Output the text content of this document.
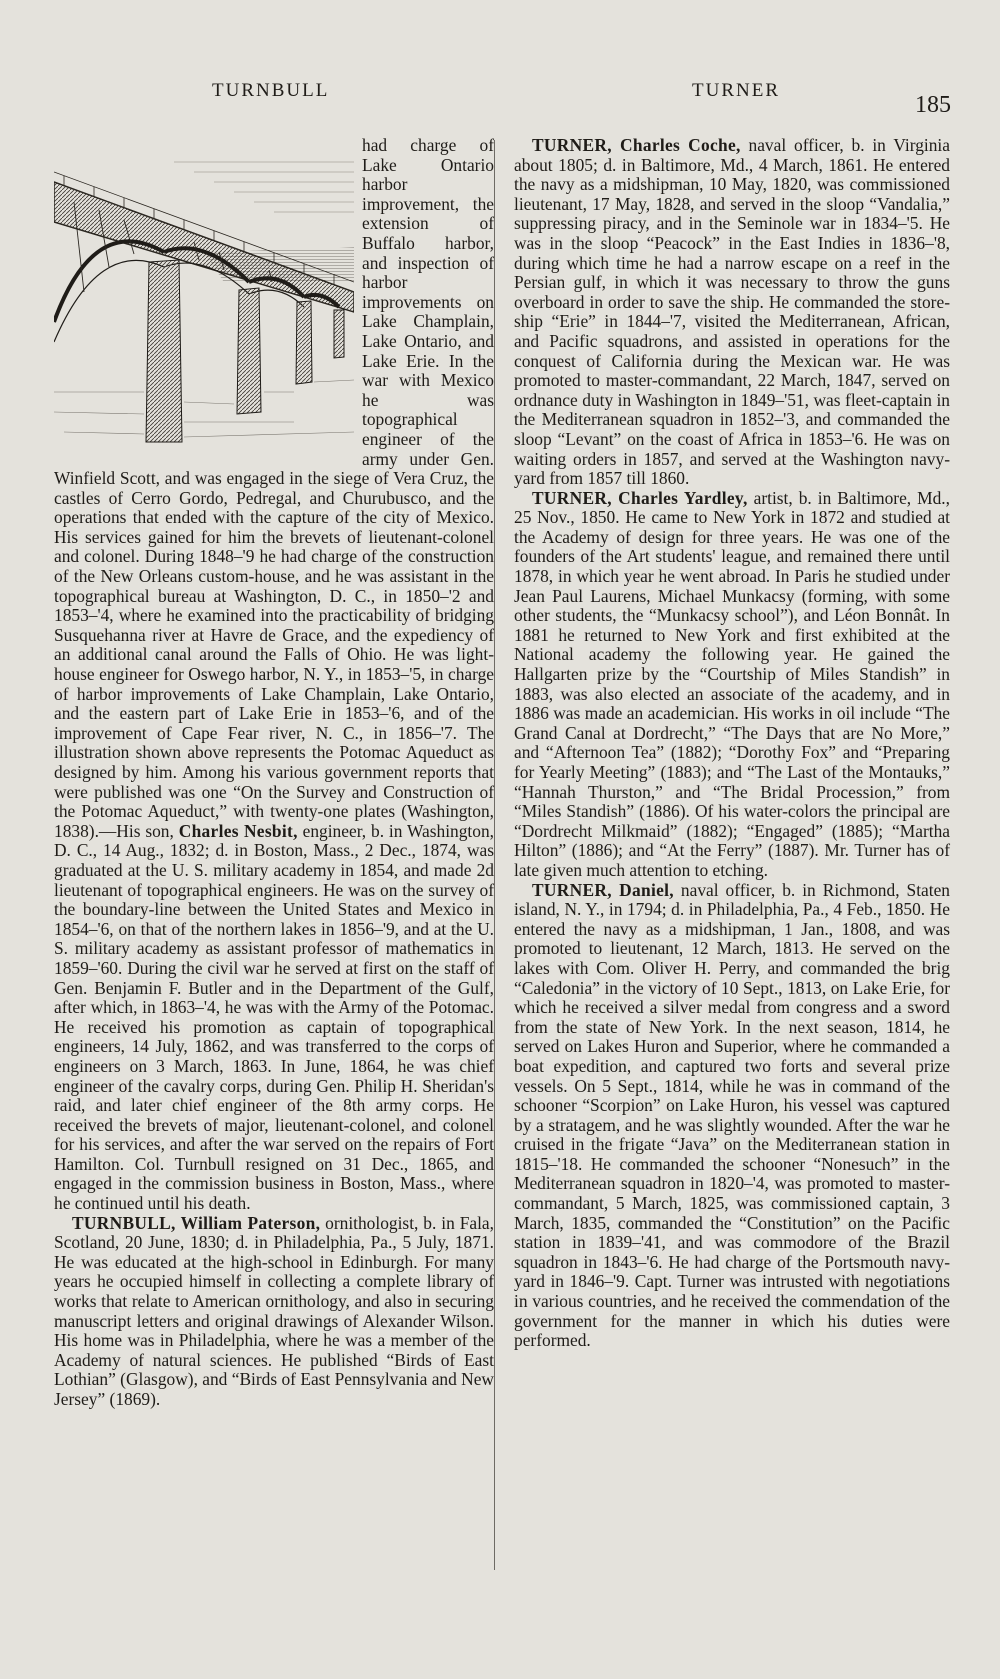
TURNBULL	TURNER
185

had charge of Lake Ontario harbor improvement, the extension of Buffalo harbor, and inspection of harbor improvements on Lake Champlain, Lake Ontario, and Lake Erie. In the war with Mexico he was topographical engineer of the army under Gen. Winfield Scott, and was engaged in the siege of Vera Cruz, the castles of Cerro Gordo, Pedregal, and Churubusco, and the operations that ended with the capture of the city of Mexico. His services gained for him the brevets of lieutenant-colonel and colonel. During 1848–'9 he had charge of the construction of the New Orleans custom-house, and he was assistant in the topographical bureau at Washington, D. C., in 1850–'2 and 1853–'4, where he examined into the practicability of bridging Susquehanna river at Havre de Grace, and the expediency of an additional canal around the Falls of Ohio. He was light-house engineer for Oswego harbor, N. Y., in 1853–'5, in charge of harbor improvements of Lake Champlain, Lake Ontario, and the eastern part of Lake Erie in 1853–'6, and of the improvement of Cape Fear river, N. C., in 1856–'7. The illustration shown above represents the Potomac Aqueduct as designed by him. Among his various government reports that were published was one “On the Survey and Construction of the Potomac Aqueduct,” with twenty-one plates (Washington, 1838).—His son, Charles Nesbit, engineer, b. in Washington, D. C., 14 Aug., 1832; d. in Boston, Mass., 2 Dec., 1874, was graduated at the U. S. military academy in 1854, and made 2d lieutenant of topographical engineers. He was on the survey of the boundary-line between the United States and Mexico in 1854–'6, on that of the northern lakes in 1856–'9, and at the U. S. military academy as assistant professor of mathematics in 1859–'60. During the civil war he served at first on the staff of Gen. Benjamin F. Butler and in the Department of the Gulf, after which, in 1863–'4, he was with the Army of the Potomac. He received his promotion as captain of topographical engineers, 14 July, 1862, and was transferred to the corps of engineers on 3 March, 1863. In June, 1864, he was chief engineer of the cavalry corps, during Gen. Philip H. Sheridan's raid, and later chief engineer of the 8th army corps. He received the brevets of major, lieutenant-colonel, and colonel for his services, and after the war served on the repairs of Fort Hamilton. Col. Turnbull resigned on 31 Dec., 1865, and engaged in the commission business in Boston, Mass., where he continued until his death.

TURNBULL, William Paterson, ornithologist, b. in Fala, Scotland, 20 June, 1830; d. in Philadelphia, Pa., 5 July, 1871. He was educated at the high-school in Edinburgh. For many years he occupied himself in collecting a complete library of works that relate to American ornithology, and also in securing manuscript letters and original drawings of Alexander Wilson. His home was in Philadelphia, where he was a member of the Academy of natural sciences. He published “Birds of East Lothian” (Glasgow), and “Birds of East Pennsylvania and New Jersey” (1869).

TURNER, Charles Coche, naval officer, b. in Virginia about 1805; d. in Baltimore, Md., 4 March, 1861. He entered the navy as a midshipman, 10 May, 1820, was commissioned lieutenant, 17 May, 1828, and served in the sloop “Vandalia,” suppressing piracy, and in the Seminole war in 1834–'5. He was in the sloop “Peacock” in the East Indies in 1836–'8, during which time he had a narrow escape on a reef in the Persian gulf, in which it was necessary to throw the guns overboard in order to save the ship. He commanded the store-ship “Erie” in 1844–'7, visited the Mediterranean, African, and Pacific squadrons, and assisted in operations for the conquest of California during the Mexican war. He was promoted to master-commandant, 22 March, 1847, served on ordnance duty in Washington in 1849–'51, was fleet-captain in the Mediterranean squadron in 1852–'3, and commanded the sloop “Levant” on the coast of Africa in 1853–'6. He was on waiting orders in 1857, and served at the Washington navy-yard from 1857 till 1860.

TURNER, Charles Yardley, artist, b. in Baltimore, Md., 25 Nov., 1850. He came to New York in 1872 and studied at the Academy of design for three years. He was one of the founders of the Art students' league, and remained there until 1878, in which year he went abroad. In Paris he studied under Jean Paul Laurens, Michael Munkacsy (forming, with some other students, the “Munkacsy school”), and Léon Bonnât. In 1881 he returned to New York and first exhibited at the National academy the following year. He gained the Hallgarten prize by the “Courtship of Miles Standish” in 1883, was also elected an associate of the academy, and in 1886 was made an academician. His works in oil include “The Grand Canal at Dordrecht,” “The Days that are No More,” and “Afternoon Tea” (1882); “Dorothy Fox” and “Preparing for Yearly Meeting” (1883); and “The Last of the Montauks,” “Hannah Thurston,” and “The Bridal Procession,” from “Miles Standish” (1886). Of his water-colors the principal are “Dordrecht Milkmaid” (1882); “Engaged” (1885); “Martha Hilton” (1886); and “At the Ferry” (1887). Mr. Turner has of late given much attention to etching.

TURNER, Daniel, naval officer, b. in Richmond, Staten island, N. Y., in 1794; d. in Philadelphia, Pa., 4 Feb., 1850. He entered the navy as a midshipman, 1 Jan., 1808, and was promoted to lieutenant, 12 March, 1813. He served on the lakes with Com. Oliver H. Perry, and commanded the brig “Caledonia” in the victory of 10 Sept., 1813, on Lake Erie, for which he received a silver medal from congress and a sword from the state of New York. In the next season, 1814, he served on Lakes Huron and Superior, where he commanded a boat expedition, and captured two forts and several prize vessels. On 5 Sept., 1814, while he was in command of the schooner “Scorpion” on Lake Huron, his vessel was captured by a stratagem, and he was slightly wounded. After the war he cruised in the frigate “Java” on the Mediterranean station in 1815–'18. He commanded the schooner “Nonesuch” in the Mediterranean squadron in 1820–'4, was promoted to master-commandant, 5 March, 1825, was commissioned captain, 3 March, 1835, commanded the “Constitution” on the Pacific station in 1839–'41, and was commodore of the Brazil squadron in 1843–'6. He had charge of the Portsmouth navy-yard in 1846–'9. Capt. Turner was intrusted with negotiations in various countries, and he received the commendation of the government for the manner in which his duties were performed.
